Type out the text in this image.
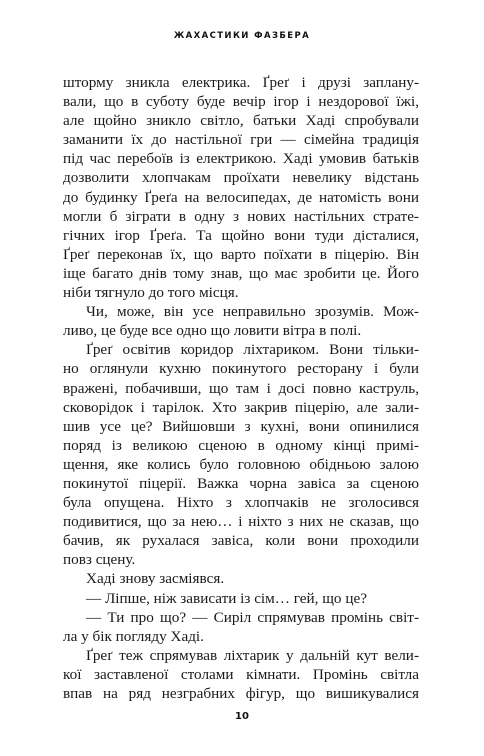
ЖАХАСТИКИ ФАЗБЕРА
шторму зникла електрика. Ґреґ і друзі заплану-
вали, що в суботу буде вечір ігор і нездорової їжі,
але щойно зникло світло, батьки Хаді спробували
заманити їх до настільної гри — сімейна традиція
під час перебоїв із електрикою. Хаді умовив батьків
дозволити хлопчакам проїхати невелику відстань
до будинку Ґреґа на велосипедах, де натомість вони
могли б зіграти в одну з нових настільних страте-
гічних ігор Ґреґа. Та щойно вони туди дісталися,
Ґреґ переконав їх, що варто поїхати в піцерію. Він
іще багато днів тому знав, що має зробити це. Його
ніби тягнуло до того місця.
Чи, може, він усе неправильно зрозумів. Мож-
ливо, це буде все одно що ловити вітра в полі.
Ґреґ освітив коридор ліхтариком. Вони тільки-
но оглянули кухню покинутого ресторану і були
вражені, побачивши, що там і досі повно каструль,
сковорідок і тарілок. Хто закрив піцерію, але зали-
шив усе це? Вийшовши з кухні, вони опинилися
поряд із великою сценою в одному кінці примі-
щення, яке колись було головною обідньою залою
покинутої піцерії. Важка чорна завіса за сценою
була опущена. Ніхто з хлопчаків не зголосився
подивитися, що за нею… і ніхто з них не сказав, що
бачив, як рухалася завіса, коли вони проходили
повз сцену.
Хаді знову засміявся.
— Ліпше, ніж зависати із сім… гей, що це?
— Ти про що? — Сиріл спрямував промінь світ-
ла у бік погляду Хаді.
Ґреґ теж спрямував ліхтарик у дальній кут вели-
кої заставленої столами кімнати. Промінь світла
впав на ряд незграбних фігур, що вишикувалися
10
